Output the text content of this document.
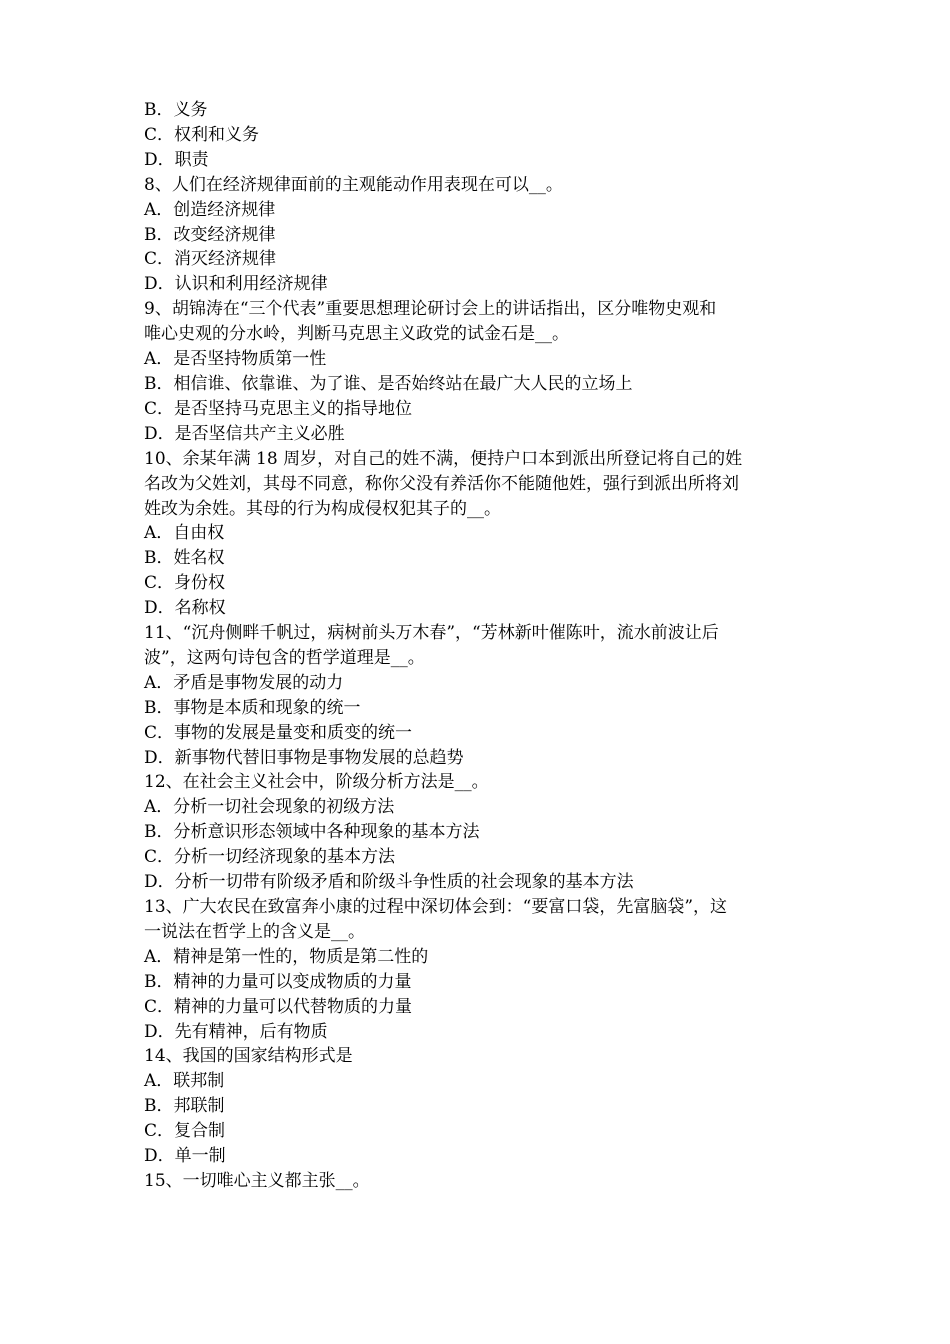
B．义务

C．权利和义务

D．职责

8、人们在经济规律面前的主观能动作用表现在可以__。

A．创造经济规律

B．改变经济规律

C．消灭经济规律

D．认识和利用经济规律

9、胡锦涛在“三个代表”重要思想理论研讨会上的讲话指出，区分唯物史观和

唯心史观的分水岭，判断马克思主义政党的试金石是__。

A．是否坚持物质第一性

B．相信谁、依靠谁、为了谁、是否始终站在最广大人民的立场上

C．是否坚持马克思主义的指导地位

D．是否坚信共产主义必胜

10、余某年满 18 周岁，对自己的姓不满，便持户口本到派出所登记将自己的姓

名改为父姓刘，其母不同意，称你父没有养活你不能随他姓，强行到派出所将刘

姓改为余姓。其母的行为构成侵权犯其子的__。

A．自由权

B．姓名权

C．身份权

D．名称权

11、“沉舟侧畔千帆过，病树前头万木春”，“芳林新叶催陈叶，流水前波让后

波”，这两句诗包含的哲学道理是__。

A．矛盾是事物发展的动力

B．事物是本质和现象的统一

C．事物的发展是量变和质变的统一

D．新事物代替旧事物是事物发展的总趋势

12、在社会主义社会中，阶级分析方法是__。

A．分析一切社会现象的初级方法

B．分析意识形态领域中各种现象的基本方法

C．分析一切经济现象的基本方法

D．分析一切带有阶级矛盾和阶级斗争性质的社会现象的基本方法

13、广大农民在致富奔小康的过程中深切体会到：“要富口袋，先富脑袋”，这

一说法在哲学上的含义是__。

A．精神是第一性的，物质是第二性的

B．精神的力量可以变成物质的力量

C．精神的力量可以代替物质的力量

D．先有精神，后有物质

14、我国的国家结构形式是

A．联邦制

B．邦联制

C．复合制

D．单一制

15、一切唯心主义都主张__。
